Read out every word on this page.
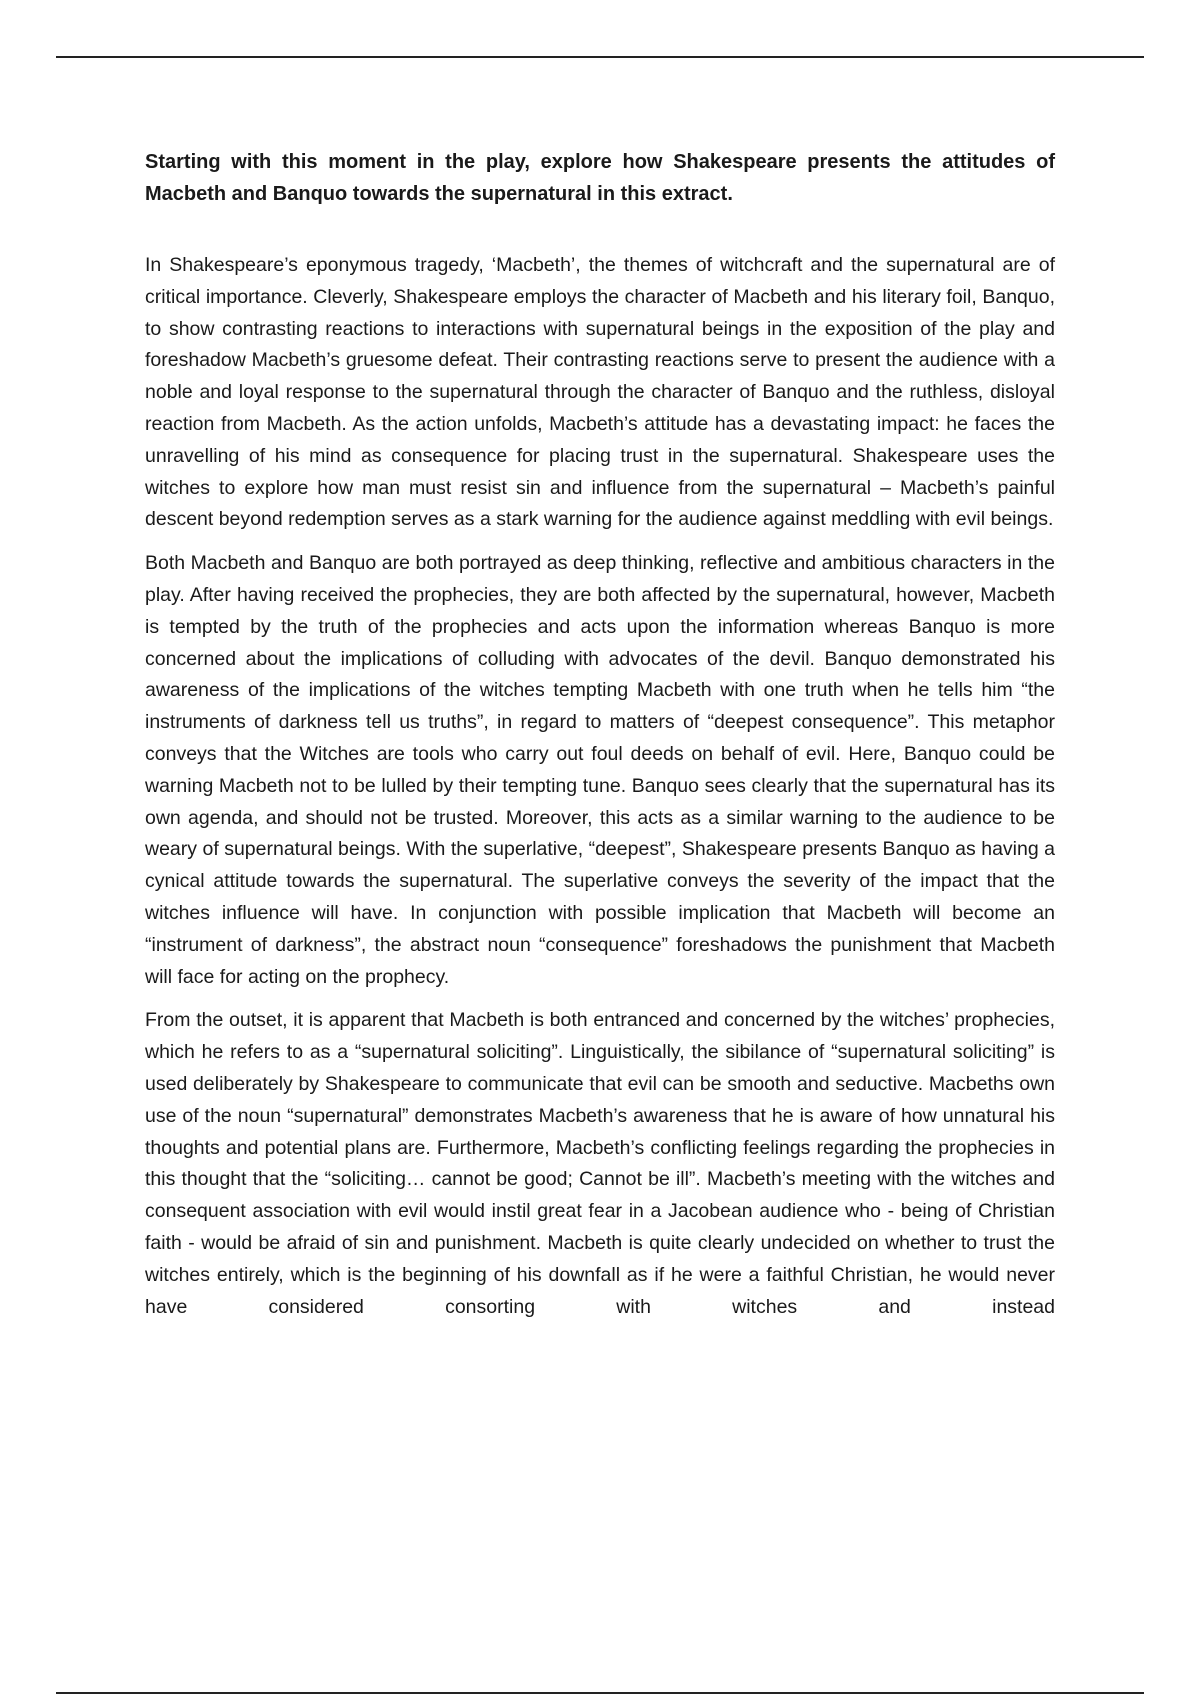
Starting with this moment in the play, explore how Shakespeare presents the attitudes of Macbeth and Banquo towards the supernatural in this extract.

In Shakespeare’s eponymous tragedy, ‘Macbeth’, the themes of witchcraft and the supernatural are of critical importance. Cleverly, Shakespeare employs the character of Macbeth and his literary foil, Banquo, to show contrasting reactions to interactions with supernatural beings in the exposition of the play and foreshadow Macbeth’s gruesome defeat. Their contrasting reactions serve to present the audience with a noble and loyal response to the supernatural through the character of Banquo and the ruthless, disloyal reaction from Macbeth. As the action unfolds, Macbeth’s attitude has a devastating impact: he faces the unravelling of his mind as consequence for placing trust in the supernatural. Shakespeare uses the witches to explore how man must resist sin and influence from the supernatural – Macbeth’s painful descent beyond redemption serves as a stark warning for the audience against meddling with evil beings.

Both Macbeth and Banquo are both portrayed as deep thinking, reflective and ambitious characters in the play. After having received the prophecies, they are both affected by the supernatural, however, Macbeth is tempted by the truth of the prophecies and acts upon the information whereas Banquo is more concerned about the implications of colluding with advocates of the devil. Banquo demonstrated his awareness of the implications of the witches tempting Macbeth with one truth when he tells him “the instruments of darkness tell us truths”, in regard to matters of “deepest consequence”. This metaphor conveys that the Witches are tools who carry out foul deeds on behalf of evil. Here, Banquo could be warning Macbeth not to be lulled by their tempting tune. Banquo sees clearly that the supernatural has its own agenda, and should not be trusted. Moreover, this acts as a similar warning to the audience to be weary of supernatural beings. With the superlative, “deepest”, Shakespeare presents Banquo as having a cynical attitude towards the supernatural. The superlative conveys the severity of the impact that the witches influence will have. In conjunction with possible implication that Macbeth will become an “instrument of darkness”, the abstract noun “consequence” foreshadows the punishment that Macbeth will face for acting on the prophecy.

From the outset, it is apparent that Macbeth is both entranced and concerned by the witches’ prophecies, which he refers to as a “supernatural soliciting”. Linguistically, the sibilance of “supernatural soliciting” is used deliberately by Shakespeare to communicate that evil can be smooth and seductive. Macbeths own use of the noun “supernatural” demonstrates Macbeth’s awareness that he is aware of how unnatural his thoughts and potential plans are. Furthermore, Macbeth’s conflicting feelings regarding the prophecies in this thought that the “soliciting… cannot be good; Cannot be ill”. Macbeth’s meeting with the witches and consequent association with evil would instil great fear in a Jacobean audience who - being of Christian faith - would be afraid of sin and punishment. Macbeth is quite clearly undecided on whether to trust the witches entirely, which is the beginning of his downfall as if he were a faithful Christian, he would never have considered consorting with witches and instead
